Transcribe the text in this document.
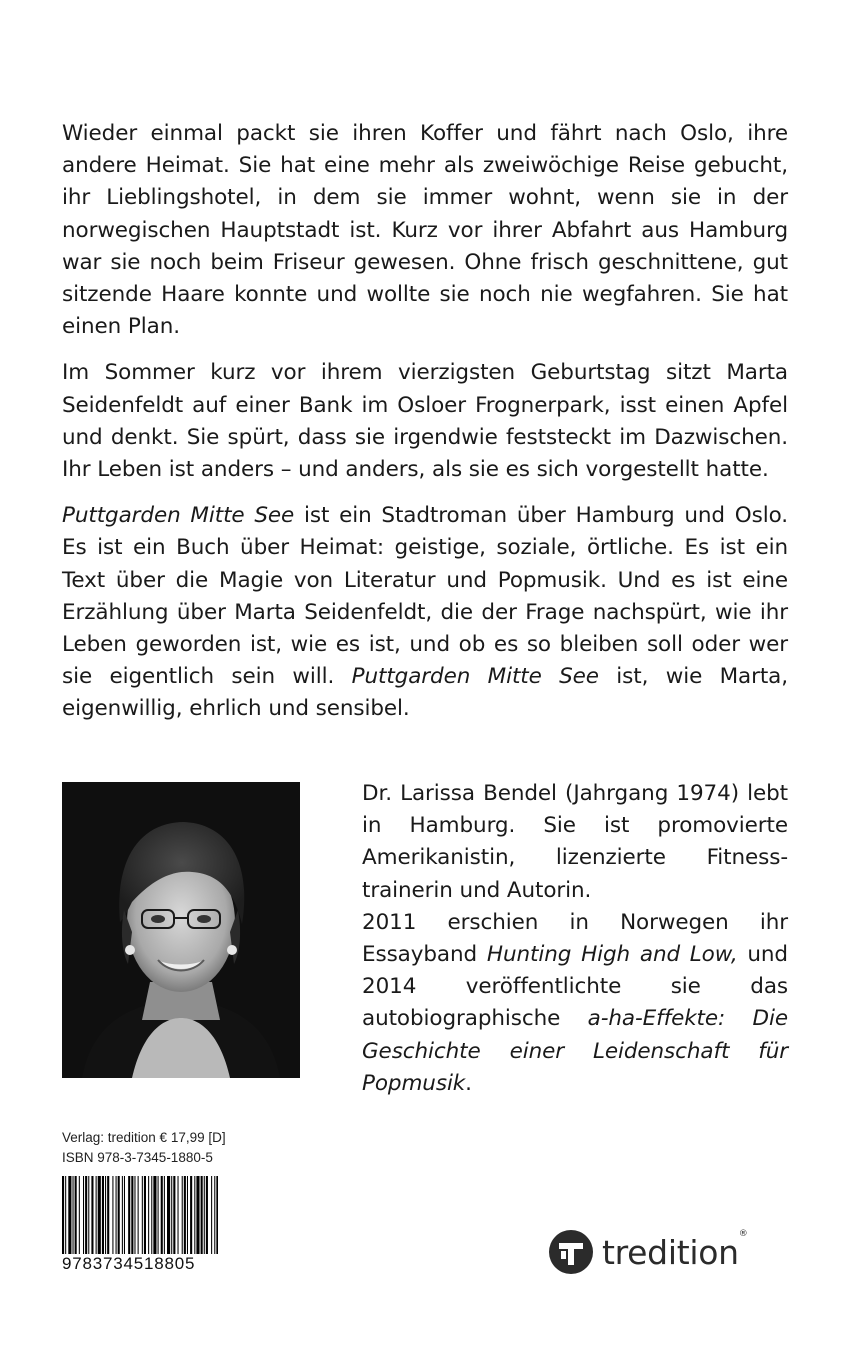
Wieder einmal packt sie ihren Koffer und fährt nach Oslo, ihre andere Heimat. Sie hat eine mehr als zweiwöchige Reise gebucht, ihr Lieblingshotel, in dem sie immer wohnt, wenn sie in der norwegischen Hauptstadt ist. Kurz vor ihrer Abfahrt aus Hamburg war sie noch beim Friseur gewesen. Ohne frisch geschnittene, gut sitzende Haare konnte und wollte sie noch nie wegfahren. Sie hat einen Plan.

Im Sommer kurz vor ihrem vierzigsten Geburtstag sitzt Marta Seidenfeldt auf einer Bank im Osloer Frognerpark, isst einen Apfel und denkt. Sie spürt, dass sie irgendwie feststeckt im Dazwischen. Ihr Leben ist anders – und anders, als sie es sich vorgestellt hatte.

Puttgarden Mitte See ist ein Stadtroman über Hamburg und Oslo. Es ist ein Buch über Heimat: geistige, soziale, örtliche. Es ist ein Text über die Magie von Literatur und Popmusik. Und es ist eine Erzählung über Marta Seidenfeldt, die der Frage nachspürt, wie ihr Leben geworden ist, wie es ist, und ob es so bleiben soll oder wer sie eigentlich sein will. Puttgarden Mitte See ist, wie Marta, eigenwillig, ehrlich und sensibel.

Dr. Larissa Bendel (Jahrgang 1974) lebt in Hamburg. Sie ist promovierte Amerikanistin, lizenzierte Fitness-trainerin und Autorin.

2011 erschien in Norwegen ihr Essayband Hunting High and Low, und 2014 veröffentlichte sie das autobiographische a-ha-Effekte: Die Geschichte einer Leidenschaft für Popmusik.

Verlag: tredition € 17,99 [D]
ISBN 978-3-7345-1880-5
9783734518805	tredition®
